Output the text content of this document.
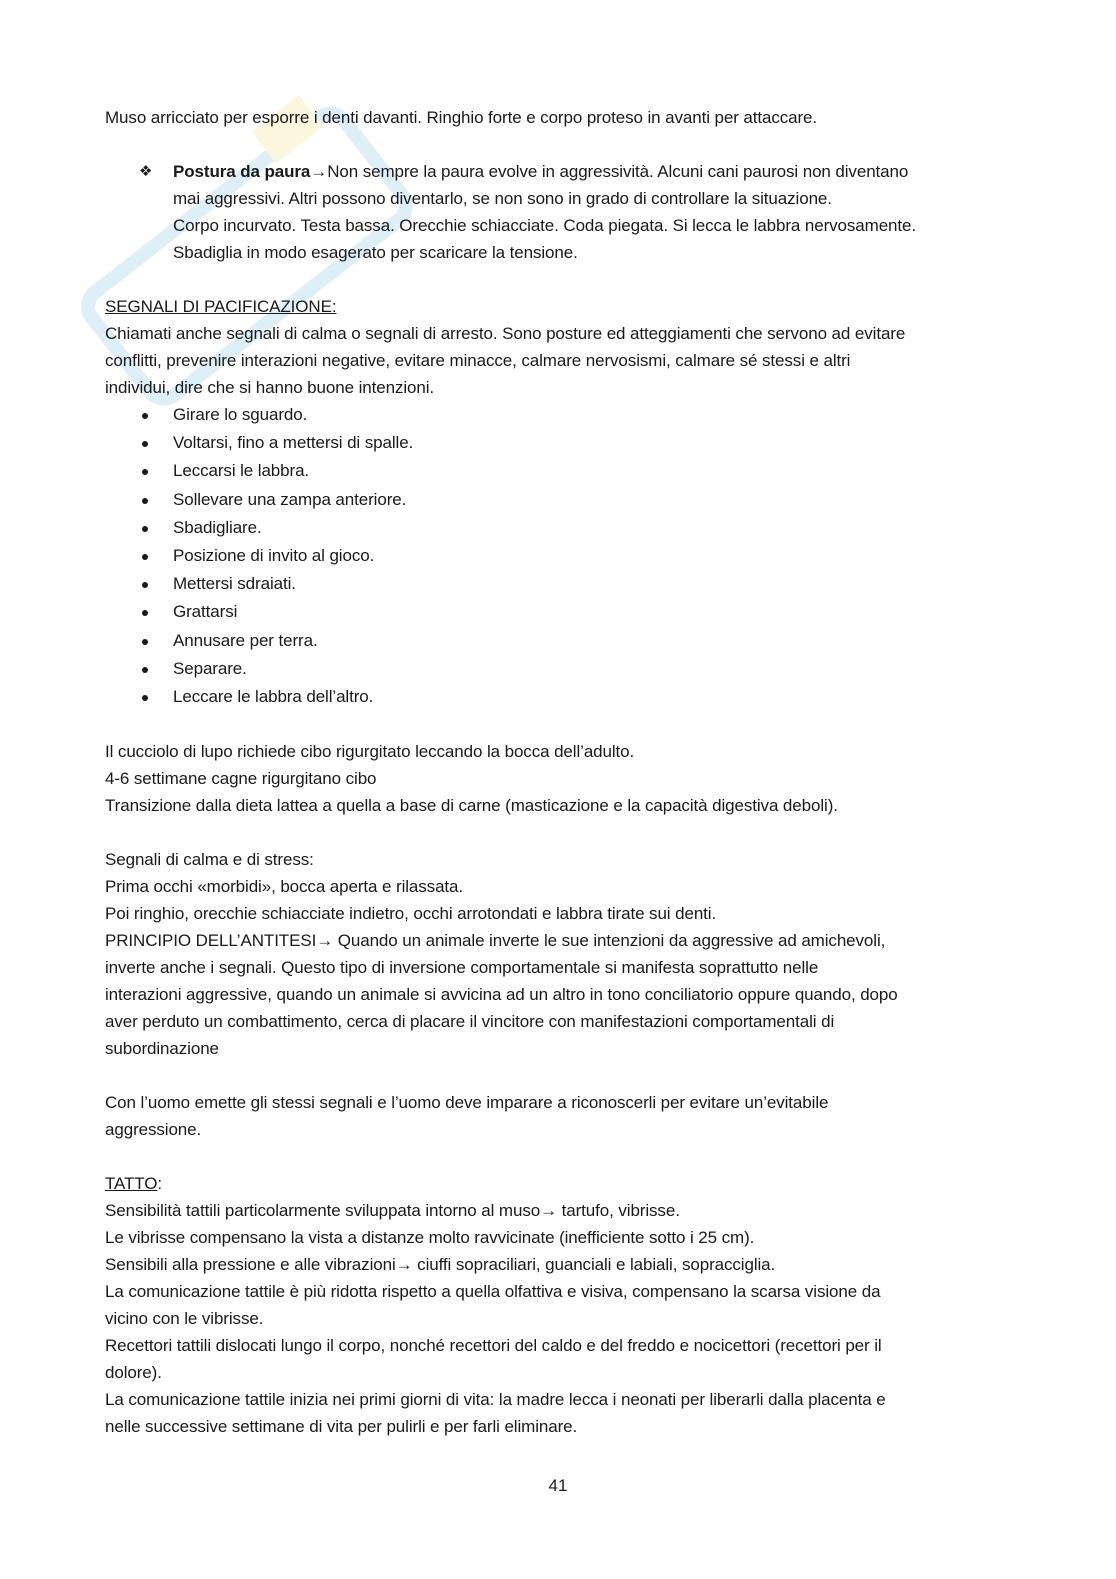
Muso arricciato per esporre i denti davanti. Ringhio forte e corpo proteso in avanti per attaccare.

❖ Postura da paura→Non sempre la paura evolve in aggressività. Alcuni cani paurosi non diventano

mai aggressivi. Altri possono diventarlo, se non sono in grado di controllare la situazione.

Corpo incurvato. Testa bassa. Orecchie schiacciate. Coda piegata. Si lecca le labbra nervosamente.

Sbadiglia in modo esagerato per scaricare la tensione.

SEGNALI DI PACIFICAZIONE:

Chiamati anche segnali di calma o segnali di arresto. Sono posture ed atteggiamenti che servono ad evitare

conflitti, prevenire interazioni negative, evitare minacce, calmare nervosismi, calmare sé stessi e altri

individui, dire che si hanno buone intenzioni.

Girare lo sguardo.
Voltarsi, fino a mettersi di spalle.
Leccarsi le labbra.
Sollevare una zampa anteriore.
Sbadigliare.
Posizione di invito al gioco.
Mettersi sdraiati.
Grattarsi
Annusare per terra.
Separare.
Leccare le labbra dell’altro.

Il cucciolo di lupo richiede cibo rigurgitato leccando la bocca dell’adulto.

4-6 settimane cagne rigurgitano cibo

Transizione dalla dieta lattea a quella a base di carne (masticazione e la capacità digestiva deboli).

Segnali di calma e di stress:

Prima occhi «morbidi», bocca aperta e rilassata.

Poi ringhio, orecchie schiacciate indietro, occhi arrotondati e labbra tirate sui denti.

PRINCIPIO DELL’ANTITESI→ Quando un animale inverte le sue intenzioni da aggressive ad amichevoli,

inverte anche i segnali. Questo tipo di inversione comportamentale si manifesta soprattutto nelle

interazioni aggressive, quando un animale si avvicina ad un altro in tono conciliatorio oppure quando, dopo

aver perduto un combattimento, cerca di placare il vincitore con manifestazioni comportamentali di

subordinazione

Con l’uomo emette gli stessi segnali e l’uomo deve imparare a riconoscerli per evitare un’evitabile

aggressione.

TATTO:

Sensibilità tattili particolarmente sviluppata intorno al muso→ tartufo, vibrisse.

Le vibrisse compensano la vista a distanze molto ravvicinate (inefficiente sotto i 25 cm).

Sensibili alla pressione e alle vibrazioni→ ciuffi sopraciliari, guanciali e labiali, sopracciglia.

La comunicazione tattile è più ridotta rispetto a quella olfattiva e visiva, compensano la scarsa visione da

vicino con le vibrisse.

Recettori tattili dislocati lungo il corpo, nonché recettori del caldo e del freddo e nocicettori (recettori per il

dolore).

La comunicazione tattile inizia nei primi giorni di vita: la madre lecca i neonati per liberarli dalla placenta e

nelle successive settimane di vita per pulirli e per farli eliminare.

41
